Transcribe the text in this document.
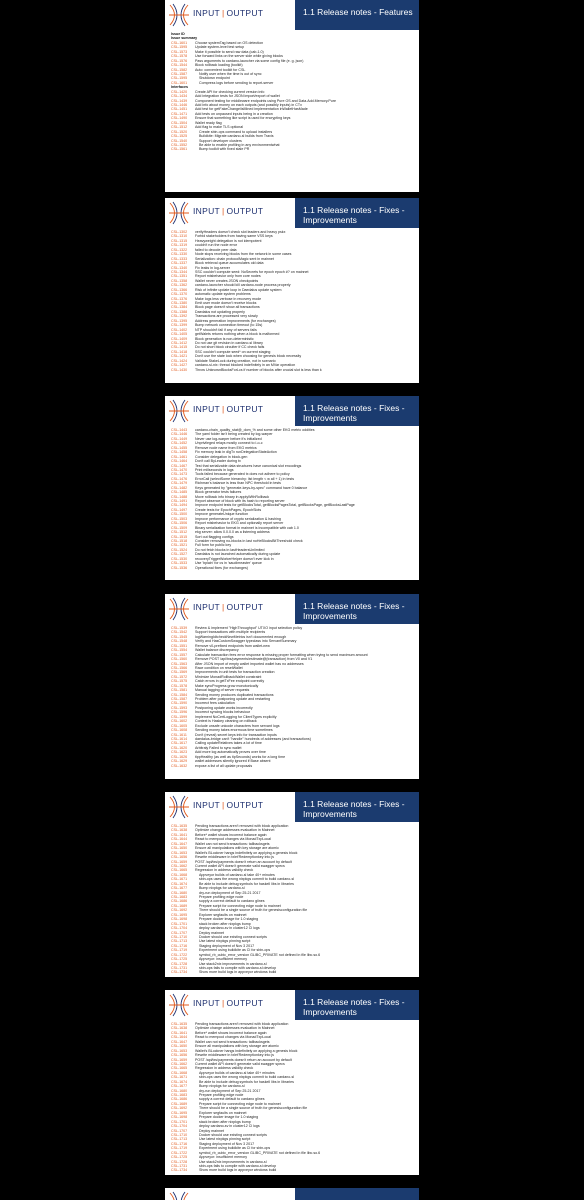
INPUT | OUTPUT	1.1 Release notes - Features
Issue ID
Issue summary
CSL-1601 Choose systemTag based on OS detection
CSL-1595 Update system-level test setup
CSL-1573 Make it possible to send raw data (cab-1.0)
CSL-1578 Use forward links on the server side while giving blocks
CSL-1576 Pass arguments to cardano-launcher via some config file (e. g. json)
CSL-1544 Block rollback loading (toolkit)
CSL-1582 Auto: convenient toolkit for CSL
CSL-1587	Notify user when the time is out of sync
CSL-1595	Shutdown endpoint
CSL-1601	Compress logs before sending to report-server
Interfaces
CSL-1420 Create API for checking current version info
CSL-1434 Add integration tests for JSON import/export of wallet
CSL-1439 Component testing for middleware endpoints using Pure OS and Data.Add.Memory.Pure
CSL-1446 Add info about money on each outputs (and possibly inputs) in CTx
CSL-1451 Add test for getFakeChange/isMined implementation inWalletHasMade
CSL-1471 Add tests on unpaused inputs being in a creation
CSL-1490 Ensure that something like script is used for encrypting keys
CSL-1504 Wallet ready flag
CSL-1512 Add flag to make TLS optional
CSL-1520	Create sbin-ops command to upload installers
CSL-1525	Buildkite: Migrate cardano-sl builds from Travis
CSL-1540	Support developer clusters
CSL-1552	Be able to enable profiling in any environmentwhat
CSL-1561	Bump toolkit with fixed stale PR
INPUT | OUTPUT	1.1 Release notes - Fixes - Improvements
CSL-1302 verifyHeaders doesn't check slot leaders and heavy pskx
CSL-1310 Forbid stakeholders from having same VSS keys
CSL-1315 Heavyweight delegation is not idempotent
CSL-1319 couldn't run the node error
CSL-1322 failed to decode peer data
CSL-1330 Node stops receiving blocks from the network in some cases
CSL-1333 Serialization: chain protocolMagic sent in mainnet
CSL-1337 Block retrieval queue accumulates old data
CSL-1340 Fix leaks in log-server
CSL-1344 SSC couldn't compute seed: NoSecrets for epoch epoch #? on mainnet
CSL-1351 Report misbehavior only from core nodes
CSL-1358 Wallet never creates JSON checkpoints
CSL-1362 cardano-launcher should kill cardano-node process properly
CSL-1366 Risk of infinite update loop in Daedalus update system
CSL-1370 automatic update system problems
CSL-1376 Make logs less verbose in recovery mode
CSL-1380 Emit user mode doesn't receive blocks
CSL-1384 Block page doesn't show all transactions
CSL-1388 Daedalus not updating properly
CSL-1392 Transactions are processed very slowly
CSL-1395 Address generation improvements (for exchanges)
CSL-1399 Bump network connection timeout (to 15s)
CSL-1402 NTP shouldn't fail if any of servers fails
CSL-1405 getWalets returns nothing when a block is malformed
CSL-1409 Block generation is non-deterministic
CSL-1412 Do not use git revision in cardano-sl library
CSL-1415 Do not short block circuiter if CC check fails
CSL-1418 SSC couldn't compute seed* on current staging
CSL-1421 Don't use the state lock when choosing for genesis block necessity
CSL-1424 Validate StakeLock during creation, not in scenario
CSL-1427 cardano-sl-nix: thread blocked indefinitely in an MVar operation
CSL-1430 Throw UnknownBlocksForLcs if number of blocks after crucial slot is less than k
INPUT | OUTPUT	1.1 Release notes - Fixes - Improvements
CSL-1443 cardano-chain_quality_stat@_dom_% and some other EKG metric oddities
CSL-1446 The yaml folder isn't being created by log-warper
CSL-1449 Never use log-warper before it's initialized
CSL-1452 Unprivileged relays mostly connect to i-o-c
CSL-1455 Remove node name from EKG metrics
CSL-1458 Fix memory leak in dlgTx runDelegationStateAction
CSL-1461 Consider delegation in block-gen
CSL-1464 Don't call ByLeader during tx
CSL-1467 Test that serializable data structures have canonical slot encodings
CSL-1470 Print millseconds in logs
CSL-1473 Tools failed because generated tx does not adhere to policy
CSL-1476 ErrorCall (selectSome hierarchy: list length < w all + 1) in tests
CSL-1479 Richman's balance is less than NPC threshold in tests
CSL-1482 Keys generated by "generate-keys-by-spec" command have 0 balance
CSL-1485 Block generator tests failures
CSL-1488 Move rollback info binary in applyWithRollback
CSL-1491 Report absence of block with its hash to reporting server
CSL-1494 Improve endpoint tests for getBlocksTotal, getBlocksPagesTotal, getBlocksPage, getBlocksLastPage
CSL-1497 Create tests for EpochPages, EpochSlots
CSL-1500 Improve generateUnique function
CSL-1503 Improve performance of crypto serialization & hashing
CSL-1506 Report misbehavior to EKG and optionally report server
CSL-1509 Binary serialization format in mainnet is incompatible with cab 1.0
CSL-1512 ekg server: allow 0.0.0.0 as a listening address
CSL-1515 Sort out flagging configs
CSL-1518 Consider removing no-blocks in last noHeBlocksBitThreshold check
CSL-1521 Full form for public key
CSL-1524 Do not fetch blocks in lastHeadersUnlimited
CSL-1527 Daedalus is not launched automatically during update
CSL-1530 recoveryTriggerWorkerHelper doesn't ever kick in
CSL-1533 Use 'bplain' for cs in 'saudimeaster' queue
CSL-1536 Operational fixes (for exchanges)
INPUT | OUTPUT	1.1 Release notes - Fixes - Improvements
CSL-1539 Review & implement "HighThroughput" UTXO input selection policy
CSL-1542 Support transactions with multiple recipients
CSL-1545 logWarningIdtcheckNewMetrics isn't documented enough
CSL-1548 Verify and HasCustomSwagger typeclass into ServantSummary
CSL-1551 Remove v0-prefixed endpoints from wallet-new
CSL-1554 Wallet balance discrepancy
CSL-1557 Calculate transaction fees error response is missing proper formatting when trying to send maximum amount
CSL-1560 Remove POST /api/txs/payments/estimate@(transaction) from V0 and V1
CSL-1563 After JSON import of empty wallet imported wallet has no addresses
CSL-1566 Race condition on resetWallet
CSL-1569 Improvements in unit tests for transaction creation
CSL-1572 Minimize MonadRollbackWallet constraint
CSL-1575 Catch errors in getTxFee endpoint correctly
CSL-1578 Make syncProgress grow monotonically
CSL-1581 Manual tagging of server requests
CSL-1584 Sending money produces duplicated transactions
CSL-1587 Problem after postponing update and restarting
CSL-1590 Incorrect fees calculation
CSL-1593 Postponing update works incorrectly
CSL-1596 Incorrect syncing blocks behaviour
CSL-1599 Implement NoCertLogging for ClientTypes explicitly
CSL-1602 Context is Haskey cleaning on rollback
CSL-1605 Exclude unsafe unicode characters from servant logs
CSL-1608 Sending money takes enormous time sometimes
CSL-1611 Don't (reveal) secret keys info for transaction inputs
CSL-1614 daedalus-bridge can't "handle" hundreds of addresses (and transactions)
CSL-1617 Calling updateRelatives takes a lot of time
CSL-1620 Arbitraly Failed to sync wallet
CSL-1623 Add more log automatically proves over time
CSL-1626 tippHealthy (as well as tipSeconds) works for a long time
CSL-1629 wallet addresses silently ignored if Base absent
CSL-1632 expose a list of all update proposals
INPUT | OUTPUT	1.1 Release notes - Fixes - Improvements
CSL-1635 Pending transactions aren't removed with block application
CSL-1638 Optimize change addresses evaluation in Mainnet
CSL-1641 Before* wallet shows incorrect balance again
CSL-1644 React to mempool changes via MonadTxpLocal
CSL-1647 Wallet can not send transactions: tallbacksgets
CSL-1650 Ensure all manipulations with key storage are atomic
CSL-1653 Wallet's BLockner hangs indefinitely on applying a genesis block
CSL-1656 Rewrite middleware in txlet'Redemptionkey into js
CSL-1659 POST /api/txs/payments doesn't return an account by default
CSL-1662 Current wallet API doesn't generate valid swagger specs
CSL-1665 Regression in address validity check
CSL-1668	Appveyor builds of cardano-sl take 40+ minutes
CSL-1671	sbin-ops uses the wrong nixpkgs commit to build cardano-sl
CSL-1674	Be able to include debug symbols for haskell libs in libraries
CSL-1677	Bump nixpkgs for cardano-sl
CSL-1680	dry-run deployment of Sep 25-21 2017
CSL-1683	Prepare profiling edge node
CSL-1686	supply a correct default to cardano glines
CSL-1689	Prepare script for connecting edge node to mainnet
CSL-1692	There should be a single source of truth for genesisconfiguration file
CSL-1695	Explorer segfaults on mainnet
CSL-1698	Prepare docker image for 1.0 staging
CSL-1701	stack broken after nixpkgs bump
CSL-1704	deploy cardano-sv in cluster12 Cl logs
CSL-1707	Deploy mainnet
CSL-1710	Docker should use existing connect scripts
CSL-1713	Use latest nixpkgs pinning script
CSL-1716	Staging deployment of Nov 3 2017
CSL-1719	Experiment using buildkite as CI for sbin-ops
CSL-1722	symbol_rb_cubic_error_version GLIBC_PRIVATE not defined in file libc.so.6
CSL-1725	Appveyor: insufficient memory
CSL-1728	Use stack2nix improvements in cardano-sl
CSL-1731	sbin-ops fails to compile with cardano-sl develop
CSL-1734	Show more build logs in appveyor windows build
INPUT | OUTPUT	1.1 Release notes - Fixes - Improvements
CSL-1635 Pending transactions aren't removed with block application
CSL-1638 Optimize change addresses evaluation in Mainnet
CSL-1641 Before* wallet shows incorrect balance again
CSL-1644 React to mempool changes via MonadTxpLocal
CSL-1647 Wallet can not send transactions: tallbacksgets
CSL-1650 Ensure all manipulations with key storage are atomic
CSL-1653 Wallet's BLockner hangs indefinitely on applying a genesis block
CSL-1656 Rewrite middleware in txlet'Redemptionkey into js
CSL-1659 POST /api/txs/payments doesn't return an account by default
CSL-1662 Current wallet API doesn't generate valid swagger specs
CSL-1665 Regression in address validity check
CSL-1668	Appveyor builds of cardano-sl take 40+ minutes
CSL-1671	sbin-ops uses the wrong nixpkgs commit to build cardano-sl
CSL-1674	Be able to include debug symbols for haskell libs in libraries
CSL-1677	Bump nixpkgs for cardano-sl
CSL-1680	dry-run deployment of Sep 25-21 2017
CSL-1683	Prepare profiling edge node
CSL-1686	supply a correct default to cardano glines
CSL-1689	Prepare script for connecting edge node to mainnet
CSL-1692	There should be a single source of truth for genesisconfiguration file
CSL-1695	Explorer segfaults on mainnet
CSL-1698	Prepare docker image for 1.0 staging
CSL-1701	stack broken after nixpkgs bump
CSL-1704	deploy cardano-sv in cluster12 Cl logs
CSL-1707	Deploy mainnet
CSL-1710	Docker should use existing connect scripts
CSL-1713	Use latest nixpkgs pinning script
CSL-1716	Staging deployment of Nov 3 2017
CSL-1719	Experiment using buildkite as CI for sbin-ops
CSL-1722	symbol_rb_cubic_error_version GLIBC_PRIVATE not defined in file libc.so.6
CSL-1725	Appveyor: insufficient memory
CSL-1728	Use stack2nix improvements in cardano-sl
CSL-1731	sbin-ops fails to compile with cardano-sl develop
CSL-1734	Show more build logs in appveyor windows build
